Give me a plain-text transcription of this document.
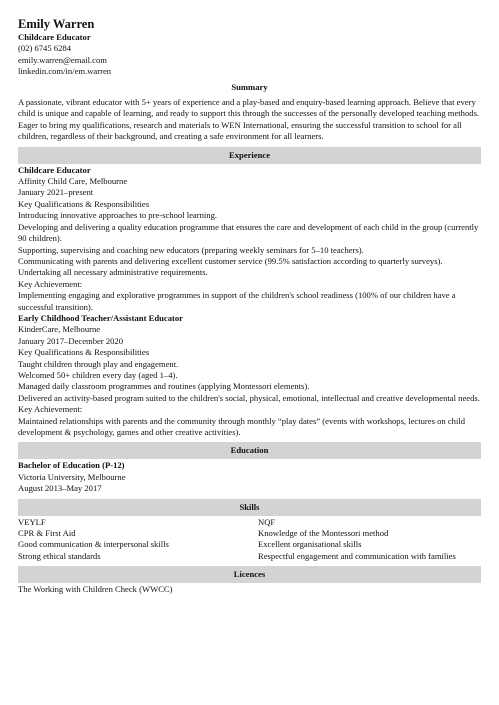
Emily Warren
Childcare Educator
(02) 6745 6284
emily.warren@email.com
linkedin.com/in/em.warren
Summary
A passionate, vibrant educator with 5+ years of experience and a play-based and enquiry-based learning approach. Believe that every child is unique and capable of learning, and ready to support this through the successes of the personally developed teaching methods. Eager to bring my qualifications, research and materials to WEN International, ensuring the successful transition to school for all children, regardless of their background, and creating a safe environment for all learners.
Experience
Childcare Educator
Affinity Child Care, Melbourne
January 2021–present
Key Qualifications & Responsibilities
Introducing innovative approaches to pre-school learning.
Developing and delivering a quality education programme that ensures the care and development of each child in the group (currently 90 children).
Supporting, supervising and coaching new educators (preparing weekly seminars for 5–10 teachers).
Communicating with parents and delivering excellent customer service (99.5% satisfaction according to quarterly surveys).
Undertaking all necessary administrative requirements.
Key Achievement:
Implementing engaging and explorative programmes in support of the children's school readiness (100% of our children have a successful transition).
Early Childhood Teacher/Assistant Educator
KinderCare, Melbourne
January 2017–December 2020
Key Qualifications & Responsibilities
Taught children through play and engagement.
Welcomed 50+ children every day (aged 1–4).
Managed daily classroom programmes and routines (applying Montessori elements).
Delivered an activity-based program suited to the children's social, physical, emotional, intellectual and creative developmental needs.
Key Achievement:
Maintained relationships with parents and the community through monthly “play dates” (events with workshops, lectures on child development & psychology, games and other creative activities).
Education
Bachelor of Education (P-12)
Victoria University, Melbourne
August 2013–May 2017
Skills
VEYLF
CPR & First Aid
Good communication & interpersonal skills
Strong ethical standards
NQF
Knowledge of the Montessori method
Excellent organisational skills
Respectful engagement and communication with families
Licences
The Working with Children Check (WWCC)
